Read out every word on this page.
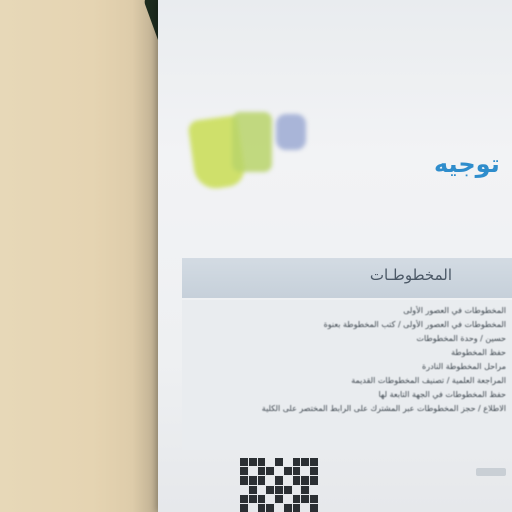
توجيه
المخطوطـات
المخطوطات في العصور الأولى
المخطوطات في العصور الأولى / كتب المخطوطة بعنوة
حسين / وحدة المخطوطات
حفظ المخطوطة
مراحل المخطوطة النادرة
المراجعة العلمية / تصنيف المخطوطات القديمة
حفظ المخطوطات في الجهة التابعة لها
الاطلاع / حجز المخطوطات عبر المشترك على الرابط المختصر على الكلية
